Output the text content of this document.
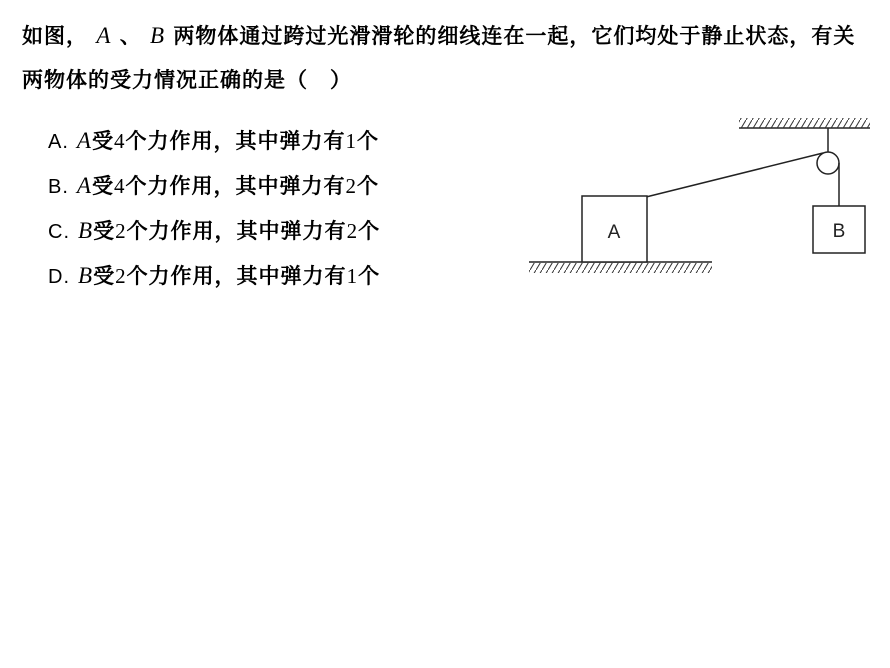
如图， A 、 B 两物体通过跨过光滑滑轮的细线连在一起，它们均处于静止状态，有关两物体的受力情况正确的是（　）
A. A受4个力作用，其中弹力有1个
B. A受4个力作用，其中弹力有2个
C. B受2个力作用，其中弹力有2个
D. B受2个力作用，其中弹力有1个
A	B
